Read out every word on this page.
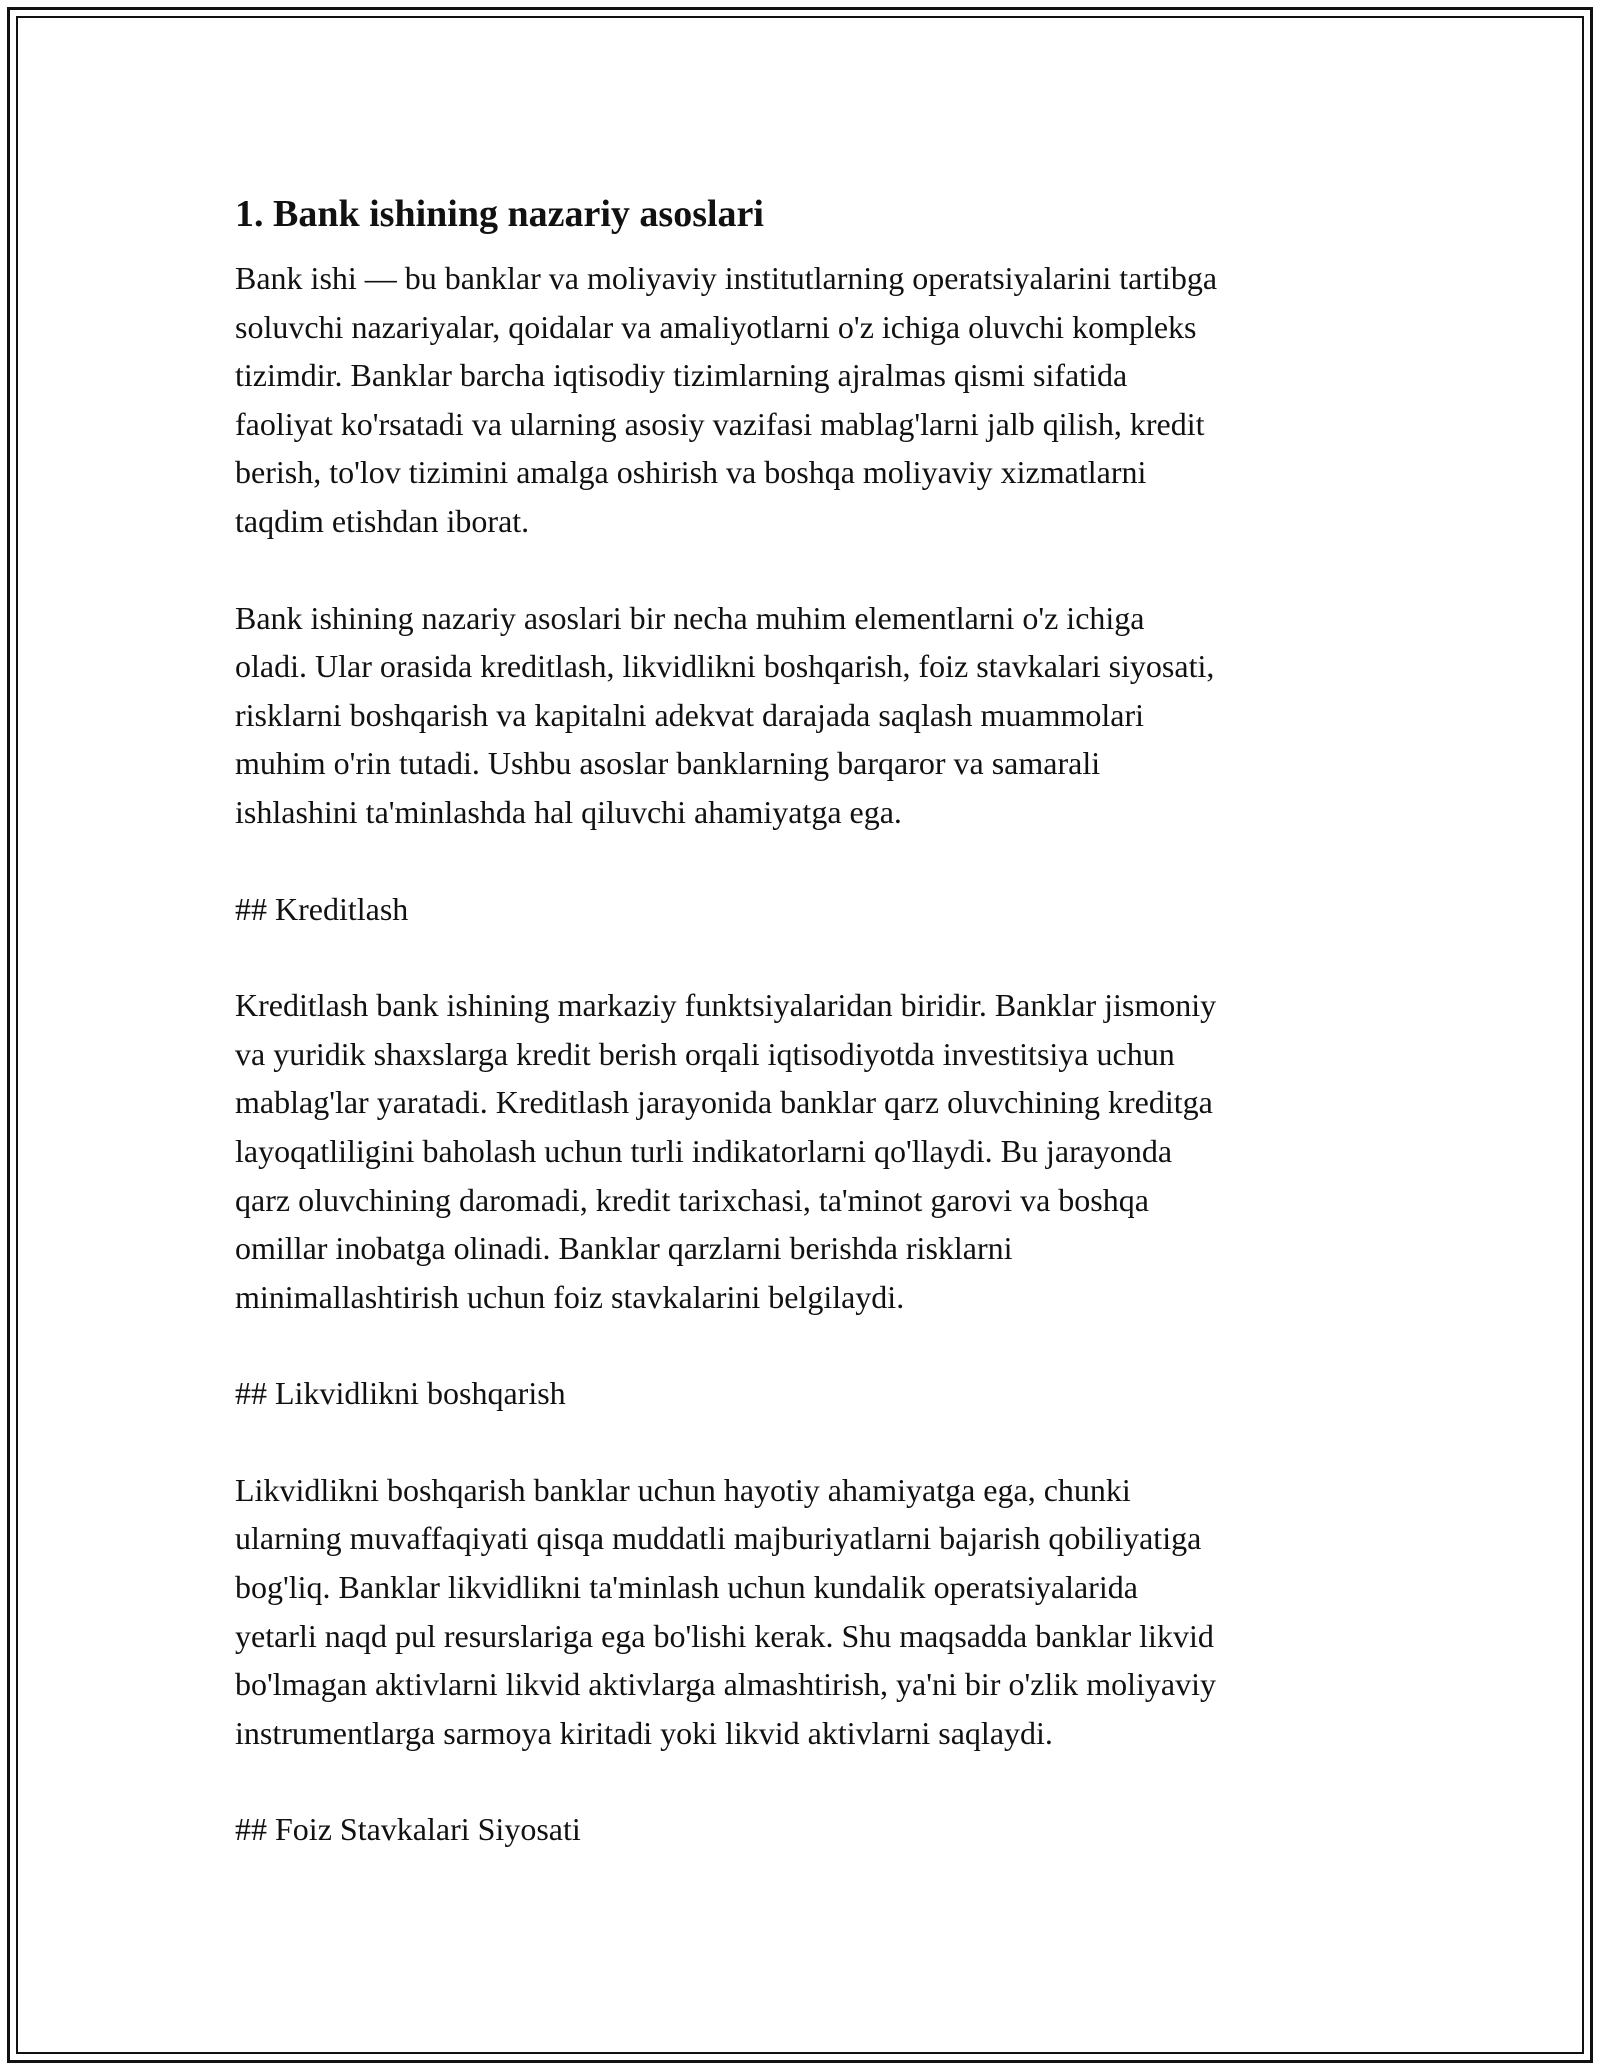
1. Bank ishining nazariy asoslari
Bank ishi — bu banklar va moliyaviy institutlarning operatsiyalarini tartibga
soluvchi nazariyalar, qoidalar va amaliyotlarni o'z ichiga oluvchi kompleks
tizimdir. Banklar barcha iqtisodiy tizimlarning ajralmas qismi sifatida
faoliyat ko'rsatadi va ularning asosiy vazifasi mablag'larni jalb qilish, kredit
berish, to'lov tizimini amalga oshirish va boshqa moliyaviy xizmatlarni
taqdim etishdan iborat.
Bank ishining nazariy asoslari bir necha muhim elementlarni o'z ichiga
oladi. Ular orasida kreditlash, likvidlikni boshqarish, foiz stavkalari siyosati,
risklarni boshqarish va kapitalni adekvat darajada saqlash muammolari
muhim o'rin tutadi. Ushbu asoslar banklarning barqaror va samarali
ishlashini ta'minlashda hal qiluvchi ahamiyatga ega.
## Kreditlash
Kreditlash bank ishining markaziy funktsiyalaridan biridir. Banklar jismoniy
va yuridik shaxslarga kredit berish orqali iqtisodiyotda investitsiya uchun
mablag'lar yaratadi. Kreditlash jarayonida banklar qarz oluvchining kreditga
layoqatliligini baholash uchun turli indikatorlarni qo'llaydi. Bu jarayonda
qarz oluvchining daromadi, kredit tarixchasi, ta'minot garovi va boshqa
omillar inobatga olinadi. Banklar qarzlarni berishda risklarni
minimallashtirish uchun foiz stavkalarini belgilaydi.
## Likvidlikni boshqarish
Likvidlikni boshqarish banklar uchun hayotiy ahamiyatga ega, chunki
ularning muvaffaqiyati qisqa muddatli majburiyatlarni bajarish qobiliyatiga
bog'liq. Banklar likvidlikni ta'minlash uchun kundalik operatsiyalarida
yetarli naqd pul resurslariga ega bo'lishi kerak. Shu maqsadda banklar likvid
bo'lmagan aktivlarni likvid aktivlarga almashtirish, ya'ni bir o'zlik moliyaviy
instrumentlarga sarmoya kiritadi yoki likvid aktivlarni saqlaydi.
## Foiz Stavkalari Siyosati
